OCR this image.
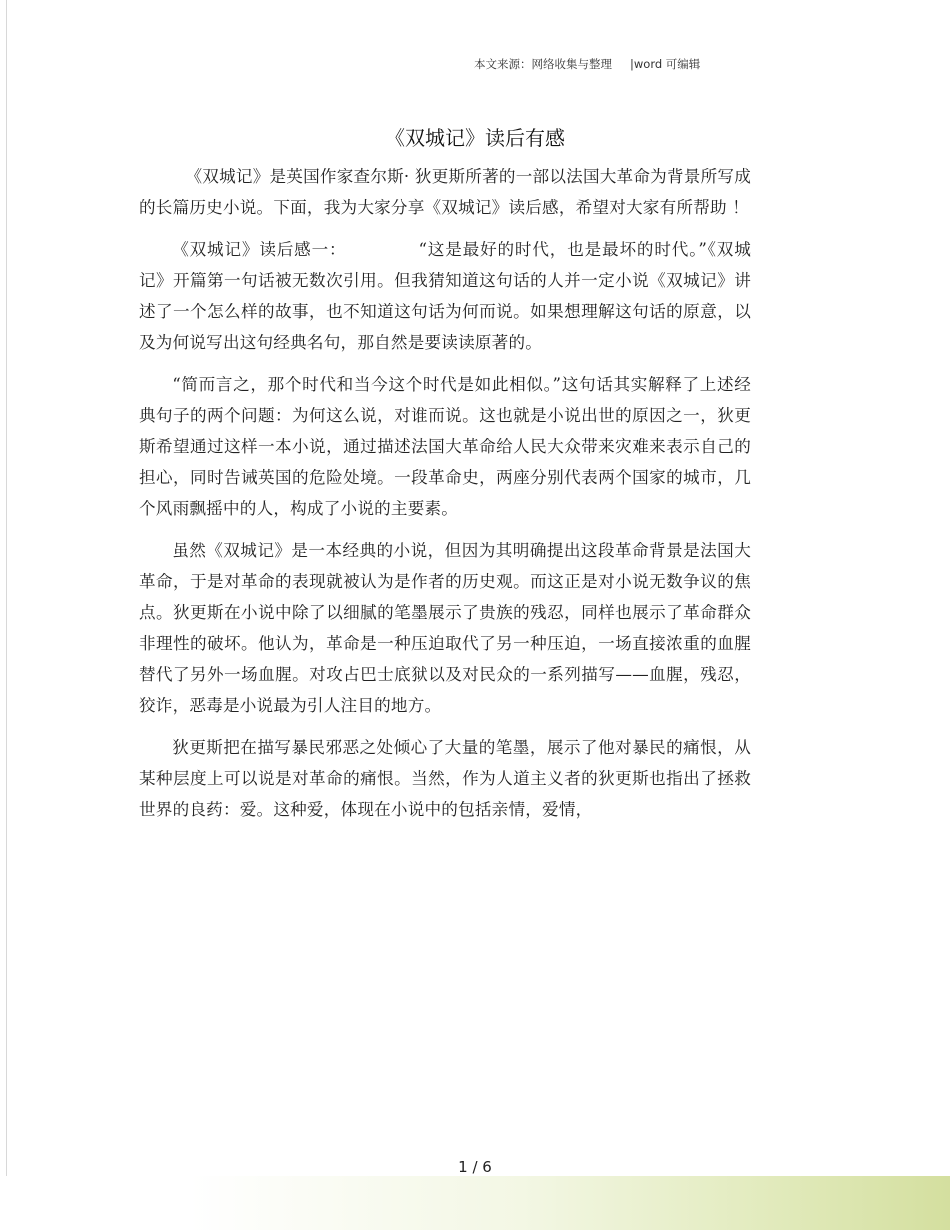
本文来源：网络收集与整理 |word 可编辑
《双城记》读后有感

《双城记》是英国作家查尔斯· 狄更斯所著的一部以法国大革命为背景所写成的长篇历史小说。下面，我为大家分享《双城记》读后感，希望对大家有所帮助 ！

《双城记》读后感一：	“这是最好的时代，也是最坏的时代。”《双城记》开篇第一句话被无数次引用。但我猜知道这句话的人并一定小说《双城记》讲述了一个怎么样的故事，也不知道这句话为何而说。如果想理解这句话的原意，以及为何说写出这句经典名句，那自然是要读读原著的。

“简而言之，那个时代和当今这个时代是如此相似。”这句话其实解释了上述经典句子的两个问题：为何这么说，对谁而说。这也就是小说出世的原因之一，狄更斯希望通过这样一本小说，通过描述法国大革命给人民大众带来灾难来表示自己的担心，同时告诫英国的危险处境。一段革命史，两座分别代表两个国家的城市，几个风雨飘摇中的人，构成了小说的主要素。

虽然《双城记》是一本经典的小说，但因为其明确提出这段革命背景是法国大革命，于是对革命的表现就被认为是作者的历史观。而这正是对小说无数争议的焦点。狄更斯在小说中除了以细腻的笔墨展示了贵族的残忍，同样也展示了革命群众非理性的破坏。他认为，革命是一种压迫取代了另一种压迫，一场直接浓重的血腥替代了另外一场血腥。对攻占巴士底狱以及对民众的一系列描写——血腥，残忍，狡诈，恶毒是小说最为引人注目的地方。

狄更斯把在描写暴民邪恶之处倾心了大量的笔墨，展示了他对暴民的痛恨，从某种层度上可以说是对革命的痛恨。当然，作为人道主义者的狄更斯也指出了拯救世界的良药：爱。这种爱，体现在小说中的包括亲情，爱情，

1 / 6
